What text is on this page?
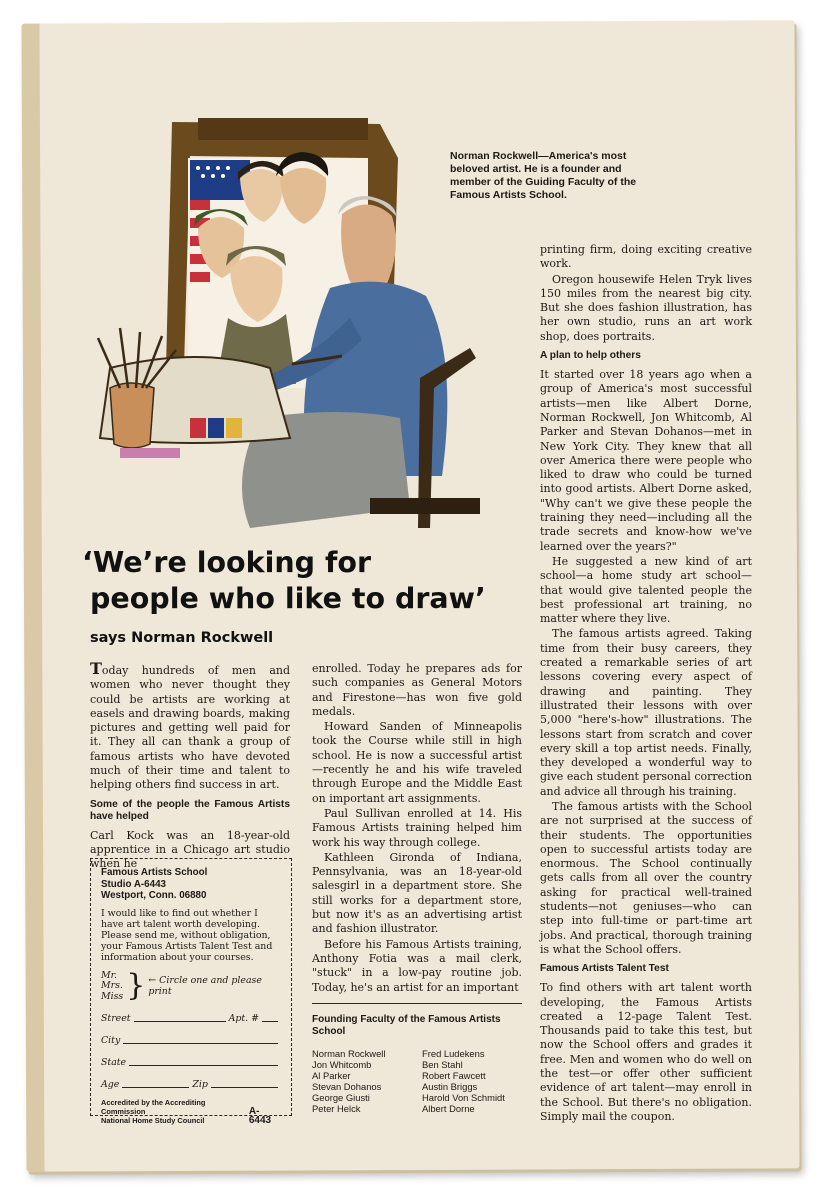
Norman Rockwell—America's most beloved artist. He is a founder and member of the Guiding Faculty of the Famous Artists School.
‘We’re looking for
people who like to draw’
says Norman Rockwell

Today hundreds of men and women who never thought they could be artists are working at easels and drawing boards, making pictures and getting well paid for it. They all can thank a group of famous artists who have devoted much of their time and talent to helping others find success in art.

Some of the people the Famous Artists have helped

Carl Kock was an 18-year-old apprentice in a Chicago art studio when he

Famous Artists School
Studio A-6443
Westport, Conn. 06880
I would like to find out whether I have art talent worth developing. Please send me, without obligation, your Famous Artists Talent Test and information about your courses.
Mr.
Mrs.
Miss } ← Circle one and please print
Street	Apt. #
City
State
Age	Zip
Accredited by the Accrediting Commission
National Home Study Council
A-6443

enrolled. Today he prepares ads for such companies as General Motors and Firestone—has won five gold medals.

Howard Sanden of Minneapolis took the Course while still in high school. He is now a successful artist—recently he and his wife traveled through Europe and the Middle East on important art assignments.

Paul Sullivan enrolled at 14. His Famous Artists training helped him work his way through college.

Kathleen Gironda of Indiana, Pennsylvania, was an 18-year-old salesgirl in a department store. She still works for a department store, but now it's as an advertising artist and fashion illustrator.

Before his Famous Artists training, Anthony Fotia was a mail clerk, "stuck" in a low-pay routine job. Today, he's an artist for an important

Founding Faculty of the Famous Artists School
Norman Rockwell	Fred Ludekens
Jon Whitcomb	Ben Stahl
Al Parker	Robert Fawcett
Stevan Dohanos	Austin Briggs
George Giusti	Harold Von Schmidt
Peter Helck	Albert Dorne

printing firm, doing exciting creative work.

Oregon housewife Helen Tryk lives 150 miles from the nearest big city. But she does fashion illustration, has her own studio, runs an art work shop, does portraits.

A plan to help others

It started over 18 years ago when a group of America's most successful artists—men like Albert Dorne, Norman Rockwell, Jon Whitcomb, Al Parker and Stevan Dohanos—met in New York City. They knew that all over America there were people who liked to draw who could be turned into good artists. Albert Dorne asked, "Why can't we give these people the training they need—including all the trade secrets and know-how we've learned over the years?"

He suggested a new kind of art school—a home study art school—that would give talented people the best professional art training, no matter where they live.

The famous artists agreed. Taking time from their busy careers, they created a remarkable series of art lessons covering every aspect of drawing and painting. They illustrated their lessons with over 5,000 "here's-how" illustrations. The lessons start from scratch and cover every skill a top artist needs. Finally, they developed a wonderful way to give each student personal correction and advice all through his training.

The famous artists with the School are not surprised at the success of their students. The opportunities open to successful artists today are enormous. The School continually gets calls from all over the country asking for practical well-trained students—not geniuses—who can step into full-time or part-time art jobs. And practical, thorough training is what the School offers.

Famous Artists Talent Test

To find others with art talent worth developing, the Famous Artists created a 12-page Talent Test. Thousands paid to take this test, but now the School offers and grades it free. Men and women who do well on the test—or offer other sufficient evidence of art talent—may enroll in the School. But there's no obligation. Simply mail the coupon.
